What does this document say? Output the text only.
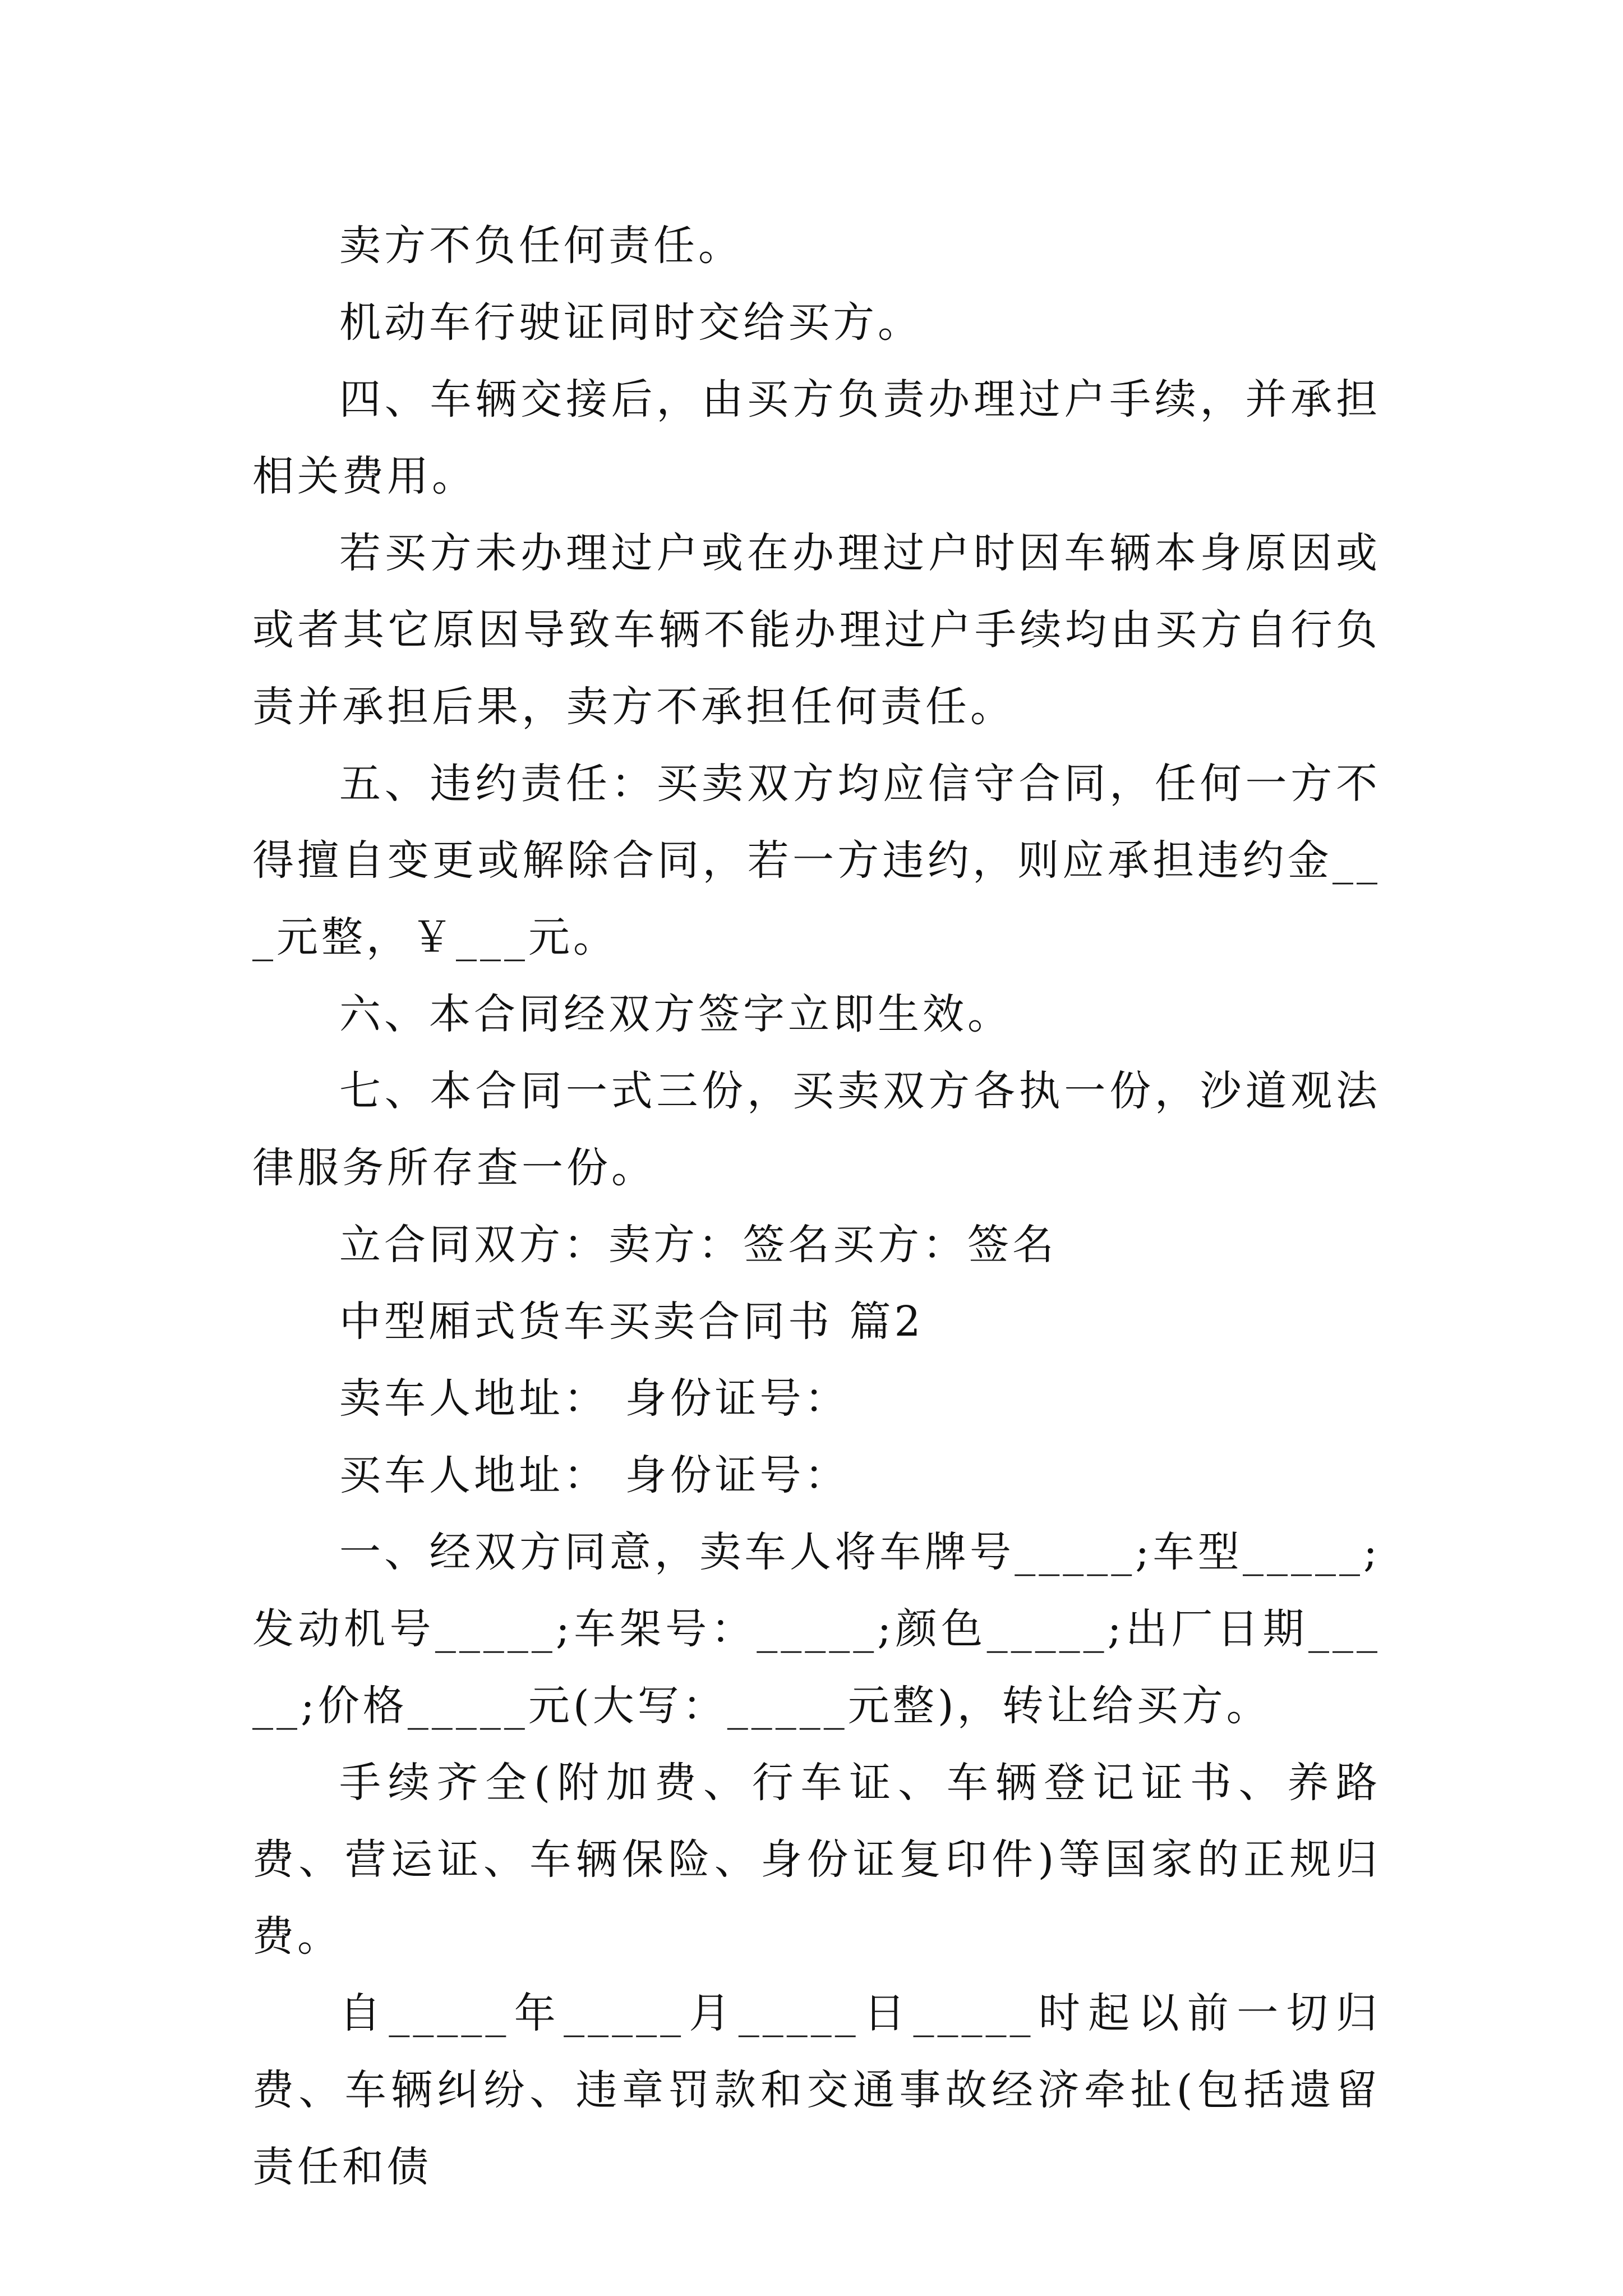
卖方不负任何责任。

机动车行驶证同时交给买方。

四、车辆交接后，由买方负责办理过户手续，并承担相关费用。

若买方未办理过户或在办理过户时因车辆本身原因或或者其它原因导致车辆不能办理过户手续均由买方自行负责并承担后果，卖方不承担任何责任。

五、违约责任：买卖双方均应信守合同，任何一方不得擅自变更或解除合同，若一方违约，则应承担违约金___元整，￥___元。

六、本合同经双方签字立即生效。

七、本合同一式三份，买卖双方各执一份，沙道观法律服务所存查一份。

立合同双方：卖方：签名买方：签名

中型厢式货车买卖合同书 篇2

卖车人地址： 身份证号：

买车人地址： 身份证号：

一、经双方同意，卖车人将车牌号_____;车型_____;发动机号_____;车架号：_____;颜色_____;出厂日期_____;价格_____元(大写：_____元整)，转让给买方。

手续齐全(附加费、行车证、车辆登记证书、养路费、营运证、车辆保险、身份证复印件)等国家的正规归费。

自_____年_____月_____日_____时起以前一切归费、车辆纠纷、违章罚款和交通事故经济牵扯(包括遗留责任和债
